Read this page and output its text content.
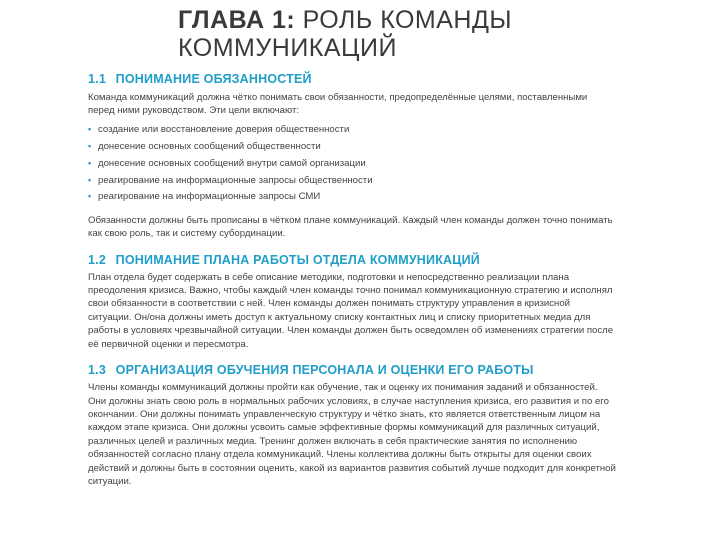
ГЛАВА 1: РОЛЬ КОМАНДЫ КОММУНИКАЦИЙ
1.1 ПОНИМАНИЕ ОБЯЗАННОСТЕЙ

Команда коммуникаций должна чётко понимать свои обязанности, предопределённые целями, поставленными перед ними руководством. Эти цели включают:

• создание или восстановление доверия общественности
• донесение основных сообщений общественности
• донесение основных сообщений внутри самой организации
• реагирование на информационные запросы общественности
• реагирование на информационные запросы СМИ

Обязанности должны быть прописаны в чётком плане коммуникаций. Каждый член команды должен точно понимать как свою роль, так и систему субординации.

1.2 ПОНИМАНИЕ ПЛАНА РАБОТЫ ОТДЕЛА КОММУНИКАЦИЙ

План отдела будет содержать в себе описание методики, подготовки и непосредственно реализации плана преодоления кризиса. Важно, чтобы каждый член команды точно понимал коммуникационную стратегию и исполнял свои обязанности в соответствии с ней. Член команды должен понимать структуру управления в кризисной ситуации. Он/она должны иметь доступ к актуальному списку контактных лиц и списку приоритетных медиа для работы в условиях чрезвычайной ситуации. Член команды должен быть осведомлен об изменениях стратегии после её первичной оценки и пересмотра.

1.3 ОРГАНИЗАЦИЯ ОБУЧЕНИЯ ПЕРСОНАЛА И ОЦЕНКИ ЕГО РАБОТЫ

Члены команды коммуникаций должны пройти как обучение, так и оценку их понимания заданий и обязанностей. Они должны знать свою роль в нормальных рабочих условиях, в случае наступления кризиса, его развития и по его окончании. Они должны понимать управленческую структуру и чётко знать, кто является ответственным лицом на каждом этапе кризиса. Они должны усвоить самые эффективные формы коммуникаций для различных ситуаций, различных целей и различных медиа. Тренинг должен включать в себя практические занятия по исполнению обязанностей согласно плану отдела коммуникаций. Члены коллектива должны быть открыты для оценки своих действий и должны быть в состоянии оценить, какой из вариантов развития событий лучше подходит для конкретной ситуации.
